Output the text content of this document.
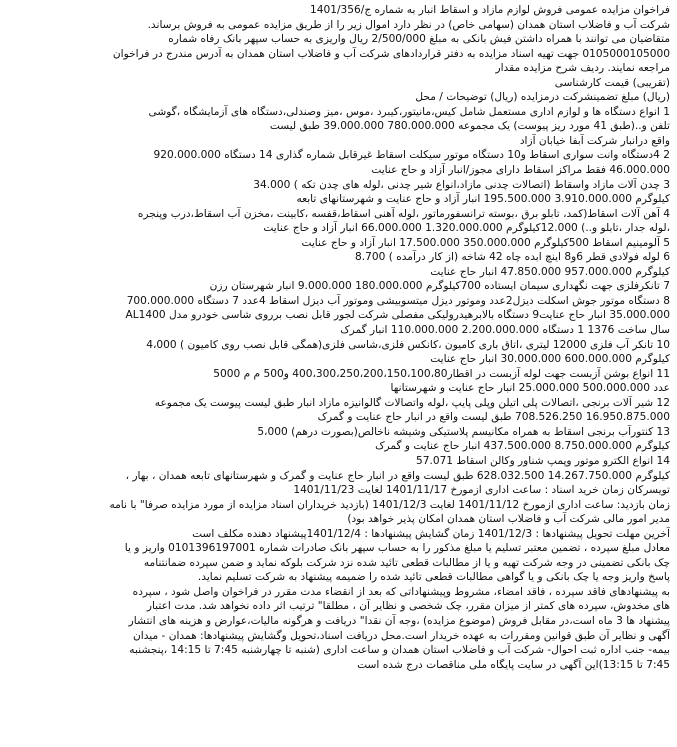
فراخوان مزایده عمومی فروش لوازم مازاد و اسقاط انبار به شماره ج/1401/356
شرکت آب و فاضلاب استان همدان (سهامی خاص) در نظر دارد اموال زیر را از طریق مزایده عمومی به فروش برساند.
متقاضیان می توانند با همراه داشتن فیش بانکی به مبلغ 2/500/000 ریال واریزی به حساب سپهر بانک رفاه شماره
0105000105000 جهت تهیه اسناد مزایده به دفتر قراردادهای شرکت آب و فاضلاب استان همدان به آدرس مندرج در فراخوان
مراجعه نمایند. ردیف شرح مزایده مقدار
(تقریبی) قیمت کارشناسی
(ریال) مبلغ تضمینشرکت درمزایده (ریال) توضیحات / محل
1 انواع دستگاه ها و لوازم اداری مستعمل شامل کیس،مانیتور،کیبرد ،موس ،میز وصندلی،دستگاه های آزمایشگاه ،گوشی
تلفن و..(طبق 41 مورد ریز پیوست) یک مجموعه 780.000.000 39.000.000 طبق لیست
واقع درانبار شرکت آبفا خیابان آزاد
2 4دستگاه وانت سواری اسقاط و10 دستگاه موتور سیکلت اسقاط غیرقابل شماره گذاری 14 دستگاه 920.000.000
46.000.000 فقط مراکز اسقاط دارای مجوز/انبار آزاد و حاج عنایت
3 چدن آلات مازاد واسقاط (اتصالات چدنی مازاد،انواع شیر چدنی ،لوله های چدن تکه ) 34.000
کیلوگرم 3.910.000.000 195.500.000 انبار آزاد و حاج عنایت و شهرستانهای تابعه
4 آهن آلات اسقاط(کمد، تابلو برق ،بوسته ترانسفورماتور ،لوله آهنی اسقاط،قفسه ،کابینت ،مخزن آب اسقاط،درب وپنجره
،لوله جدار ،تابلو و..) 12.000کیلوگرم 1.320.000.000 66.000.000 انبار آزاد و حاج عنایت
5 آلومینیم اسقاط 500کیلوگرم 350.000.000 17.500.000 انبار آزاد و حاج عنایت
6 لوله فولادی قطر 6و8 اینچ ابده چاه 42 شاخه (از کار درآمده ) 8.700
کیلوگرم 957.000.000 47.850.000 انبار حاج عنایت
7 تانکرفلزی جهت نگهداری سیمان ایستاده 700کیلوگرم 180.000.000 9.000.000 انبار شهرستان رزن
8 دستگاه موتور جوش اسکلت دیزل2عدد وموتور دیزل میتسوبیشی وموتور آب دیزل اسقاط 4عدد 7 دستگاه 700.000.000
35.000.000 انبار حاج عنایت9 دستگاه بالابرهیدرولیکی مفصلی شرکت لجور قابل نصب برروی شاسی خودرو مدل AL1400
سال ساخت 1376 1 دستگاه 2.200.000.000 110.000.000 انبار گمرک
10 تانکر آب فلزی 12000 لیتری ،اتاق باری کامیون ،کانکس فلزی،شاسی فلزی(همگی قابل نصب روی کامیون ) 4،000
کیلوگرم 600.000.000 30.000.000 انبار حاج عنایت
11 انواع بوشن آزبست جهت لوله آزبست در اقطار400،300،250،200،150،100،80 و500 م م 5000
عدد 500.000.000 25.000.000 انبار حاج عنایت و شهرستانها
12 شیر آلات برنجی ،اتصالات پلی اتیلن وپلی پایپ ،لوله واتصالات گالوانیزه مازاد انبار طبق لیست پیوست یک مجموعه
16.950.875.000 708.526.250 طبق لیست واقع در انبار حاج عنایت و گمرک
13 کنتورآب برنجی اسقاط به همراه مکانیسم پلاستیکی وشیشه ناخالص(بصورت درهم) 5،000
کیلوگرم 8.750.000.000 437.500.000 انبار حاج عنایت و گمرک
14 انواع الکترو موتور وپمپ شناور وکالن اسقاط 57.071
کیلوگرم 14.267.750.000 628.032.500 طبق لیست واقع در انبار حاج عنایت و گمرک و شهرستانهای تابعه همدان ، بهار ،
تویسرکان زمان خرید اسناد : ساعت اداری ازمورخ 1401/11/17 لغایت 1401/11/23
زمان بازدید: ساعت اداری ازمورخ 1401/11/12 لغایت 1401/12/3 (بازدید خریداران اسناد مزایده از مورد مزایده صرفا" با نامه
مدیر امور مالی شرکت آب و فاضلاب استان همدان امکان پذیر خواهد بود)
آخرین مهلت تحویل پیشنهادها : 1401/12/3 زمان گشایش پیشنهادها : 1401/12/4پیشنهاد دهنده مکلف است
معادل مبلغ سپرده ، تضمین معتبر تسلیم یا مبلغ مذکور را به حساب سپهر بانک صادرات شماره 0101396197001 واریز و یا
چک بانکی تضمینی در وجه شرکت تهیه و یا از مطالبات قطعی تائید شده نزد شرکت بلوکه نماید و ضمن سپرده ضمانتنامه
پاسخ واریز وجه یا چک بانکی و یا گواهی مطالبات قطعی تائید شده را ضمیمه پیشنهاد به شرکت تسلیم نماید.
به پیشنهادهای فاقد سپرده ، فاقد امضاء، مشروط وپیشنهاداتی که بعد از انقضاء مدت مقرر در فراخوان واصل شود ، سپرده
های مخدوش، سپرده های کمتر از میزان مقرر، چک شخصی و نظایر آن ، مطلقا" ترتیب اثر داده نخواهد شد. مدت اعتبار
پیشنهاد ها 3 ماه است،در مقابل فروش (موضوع مزایده) ،وجه آن نقدا" دریافت و هرگونه مالیات،عوارض و هزینه های انتشار
آگهی و نظایر آن طبق قوانین ومقررات به عهده خریدار است.محل دریافت اسناد،تحویل وگشایش پیشنهادها: همدان - میدان
بیمه- جنب اداره ثبت احوال- شرکت آب و فاضلاب استان همدان و ساعت اداری (شنبه تا چهارشنبه 7:45 تا 14:15 ،پنجشنبه
7:45 تا 13:15)این آگهی در سایت پایگاه ملی مناقصات درج شده است
